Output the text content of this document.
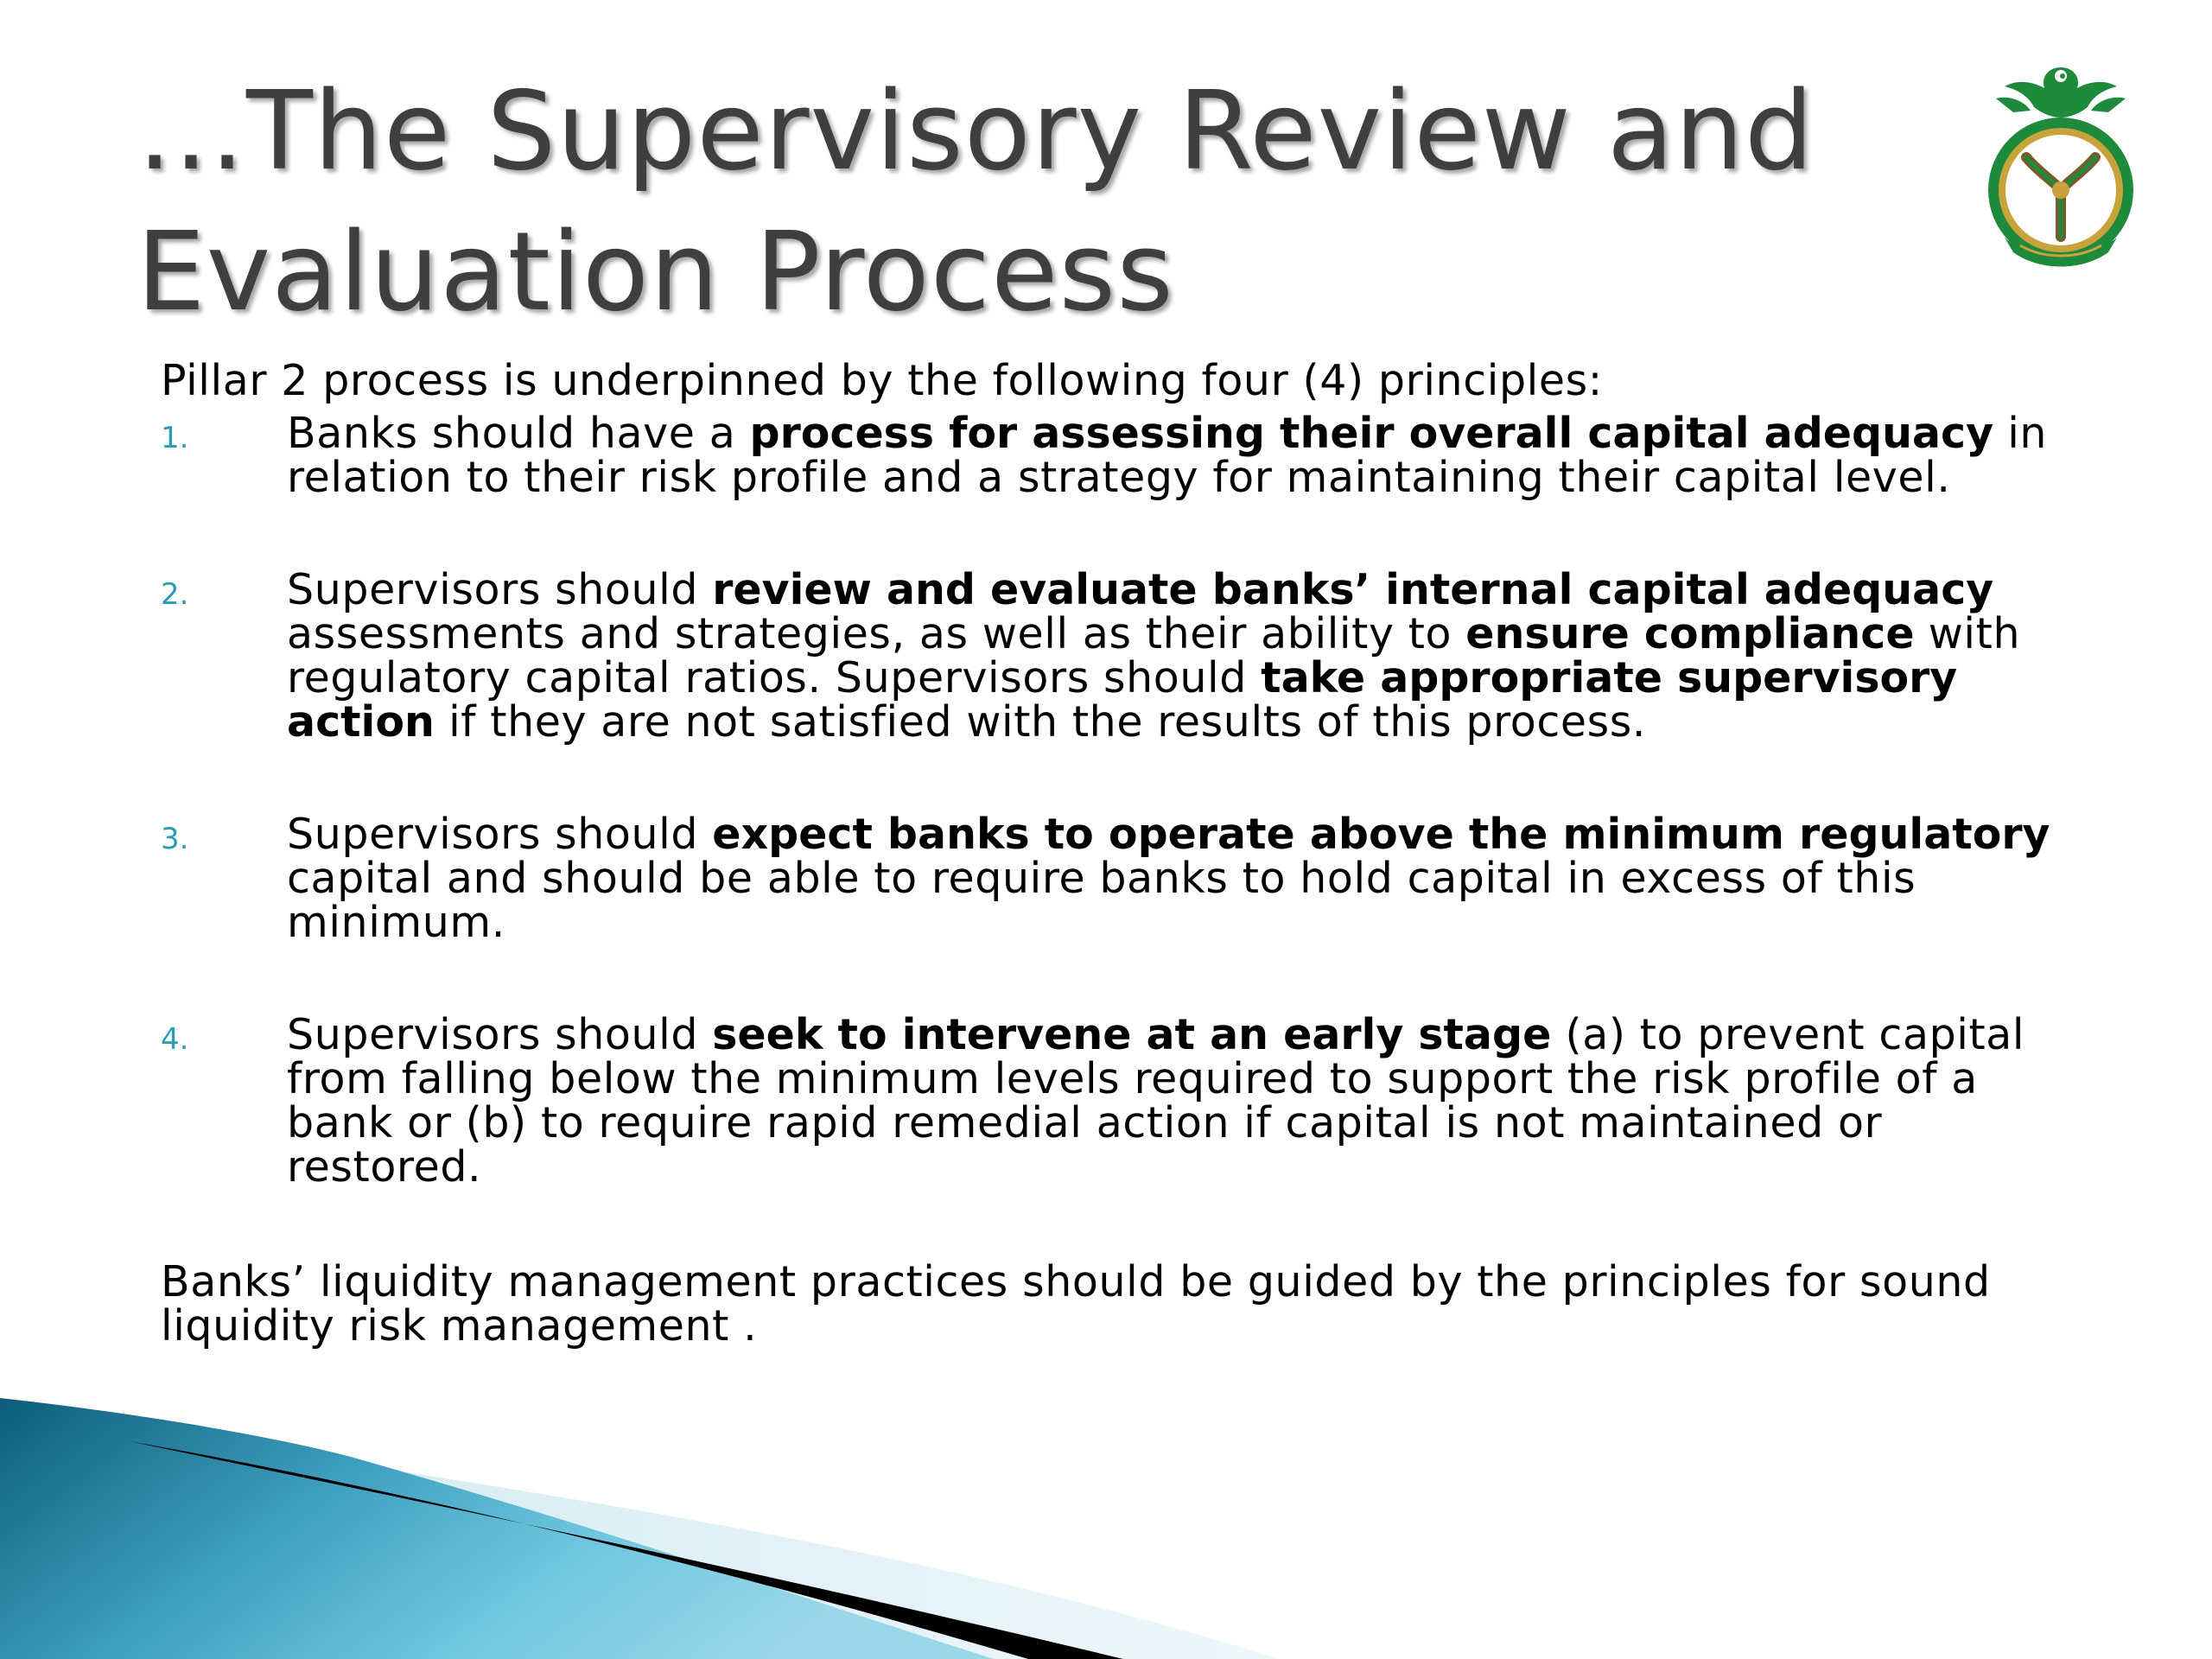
…The Supervisory Review and
Evaluation Process

Pillar 2 process is underpinned by the following four (4) principles:

1. Banks should have a process for assessing their overall capital adequacy in
relation to their risk profile and a strategy for maintaining their capital level.
2. Supervisors should review and evaluate banks’ internal capital adequacy
assessments and strategies, as well as their ability to ensure compliance with
regulatory capital ratios. Supervisors should take appropriate supervisory
action if they are not satisfied with the results of this process.
3. Supervisors should expect banks to operate above the minimum regulatory
capital and should be able to require banks to hold capital in excess of this
minimum.
4. Supervisors should seek to intervene at an early stage (a) to prevent capital
from falling below the minimum levels required to support the risk profile of a
bank or (b) to require rapid remedial action if capital is not maintained or
restored.

Banks’ liquidity management practices should be guided by the principles for sound
liquidity risk management .
